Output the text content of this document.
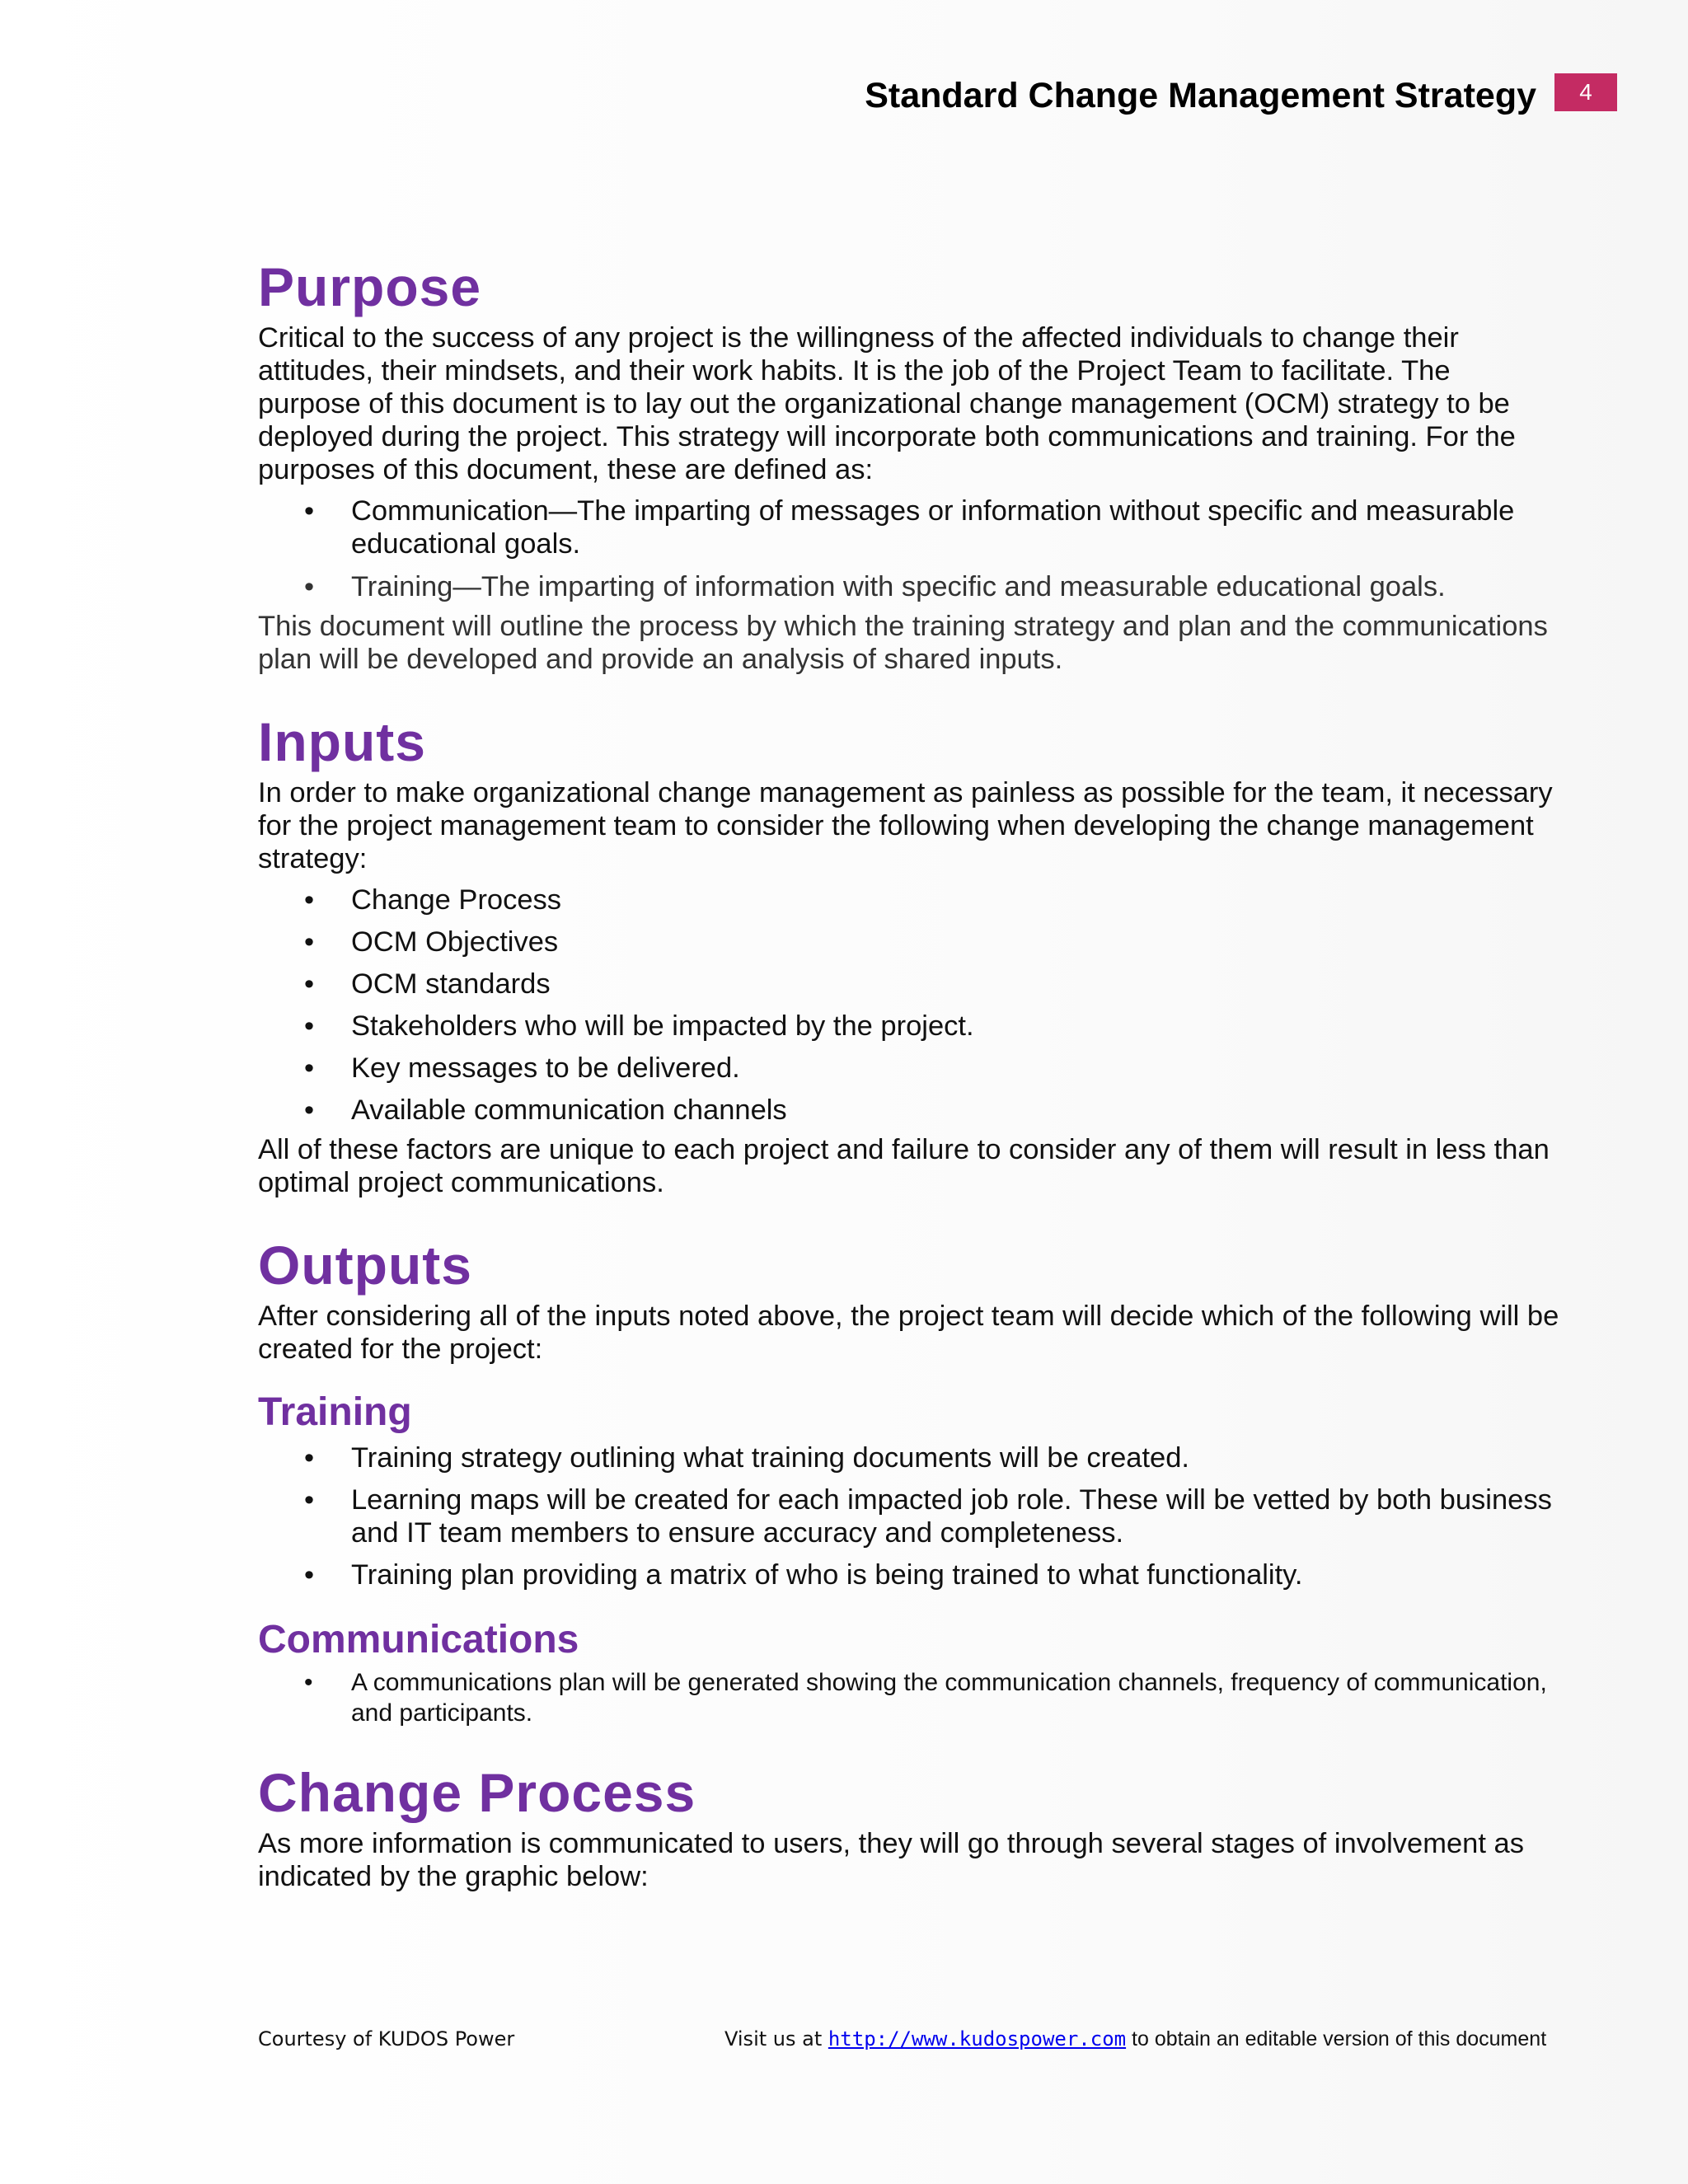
Standard Change Management Strategy	4
Purpose

Critical to the success of any project is the willingness of the affected individuals to change their attitudes, their mindsets, and their work habits. It is the job of the Project Team to facilitate. The purpose of this document is to lay out the organizational change management (OCM) strategy to be deployed during the project. This strategy will incorporate both communications and training. For the purposes of this document, these are defined as:

• Communication—The imparting of messages or information without specific and measurable educational goals.
• Training—The imparting of information with specific and measurable educational goals.

This document will outline the process by which the training strategy and plan and the communications plan will be developed and provide an analysis of shared inputs.

Inputs

In order to make organizational change management as painless as possible for the team, it necessary for the project management team to consider the following when developing the change management strategy:

• Change Process
• OCM Objectives
• OCM standards
• Stakeholders who will be impacted by the project.
• Key messages to be delivered.
• Available communication channels

All of these factors are unique to each project and failure to consider any of them will result in less than optimal project communications.

Outputs

After considering all of the inputs noted above, the project team will decide which of the following will be created for the project:

Training
• Training strategy outlining what training documents will be created.
• Learning maps will be created for each impacted job role. These will be vetted by both business and IT team members to ensure accuracy and completeness.
• Training plan providing a matrix of who is being trained to what functionality.
Communications
• A communications plan will be generated showing the communication channels, frequency of communication, and participants.
Change Process

As more information is communicated to users, they will go through several stages of involvement as indicated by the graphic below:

Courtesy of KUDOS Power	Visit us at http://www.kudospower.com to obtain an editable version of this document
